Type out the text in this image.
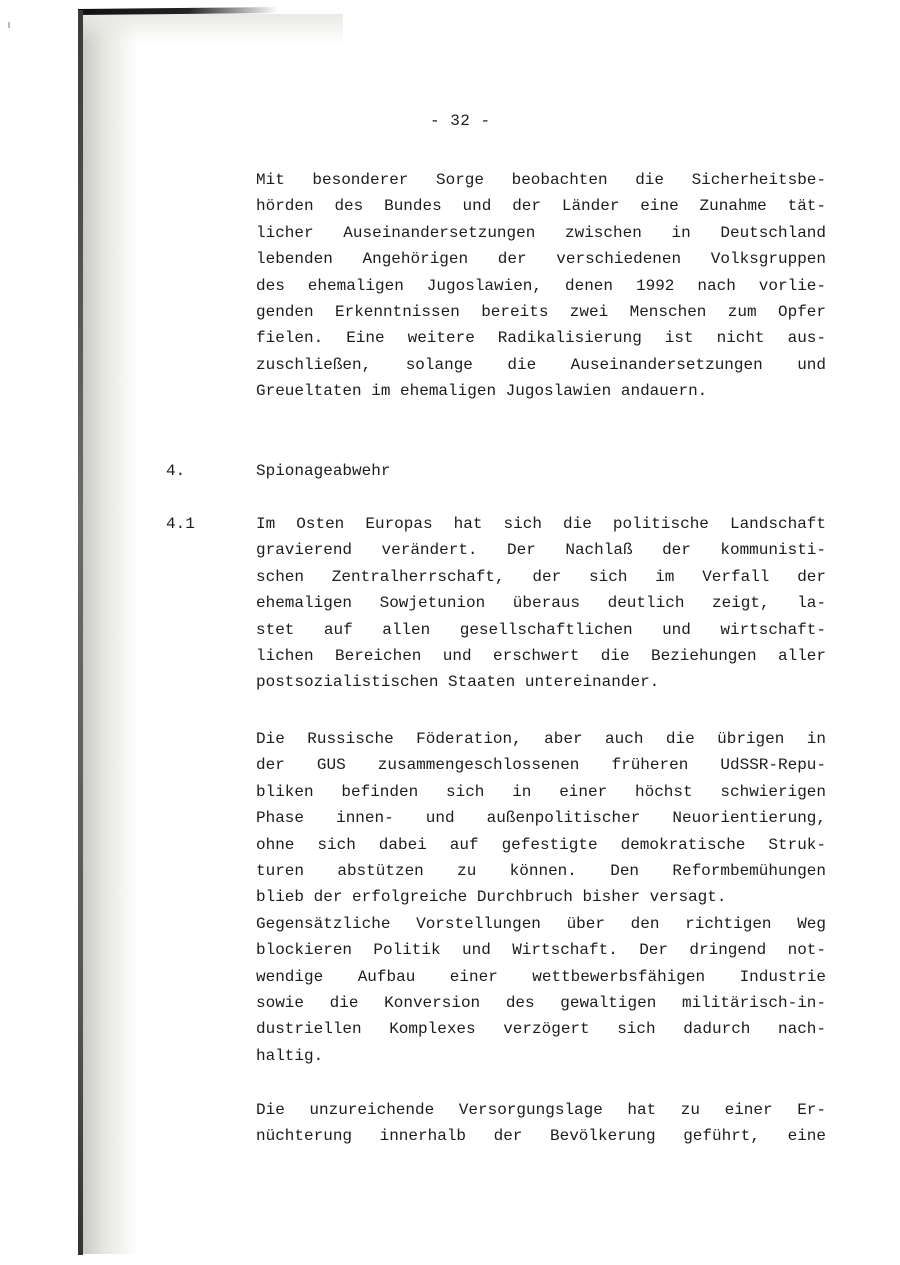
- 32 -
Mit besonderer Sorge beobachten die Sicherheitsbe-
hörden des Bundes und der Länder eine Zunahme tät-
licher Auseinandersetzungen zwischen in Deutschland
lebenden Angehörigen der verschiedenen Volksgruppen
des ehemaligen Jugoslawien, denen 1992 nach vorlie-
genden Erkenntnissen bereits zwei Menschen zum Opfer
fielen. Eine weitere Radikalisierung ist nicht aus-
zuschließen, solange die Auseinandersetzungen und
Greueltaten im ehemaligen Jugoslawien andauern.
4.	Spionageabwehr
4.1	Im Osten Europas hat sich die politische Landschaft
gravierend verändert. Der Nachlaß der kommunisti-
schen Zentralherrschaft, der sich im Verfall der
ehemaligen Sowjetunion überaus deutlich zeigt, la-
stet auf allen gesellschaftlichen und wirtschaft-
lichen Bereichen und erschwert die Beziehungen aller
postsozialistischen Staaten untereinander.
Die Russische Föderation, aber auch die übrigen in
der GUS zusammengeschlossenen früheren UdSSR-Repu-
bliken befinden sich in einer höchst schwierigen
Phase innen- und außenpolitischer Neuorientierung,
ohne sich dabei auf gefestigte demokratische Struk-
turen abstützen zu können. Den Reformbemühungen
blieb der erfolgreiche Durchbruch bisher versagt.
Gegensätzliche Vorstellungen über den richtigen Weg
blockieren Politik und Wirtschaft. Der dringend not-
wendige Aufbau einer wettbewerbsfähigen Industrie
sowie die Konversion des gewaltigen militärisch-in-
dustriellen Komplexes verzögert sich dadurch nach-
haltig.
Die unzureichende Versorgungslage hat zu einer Er-
nüchterung innerhalb der Bevölkerung geführt, eine
